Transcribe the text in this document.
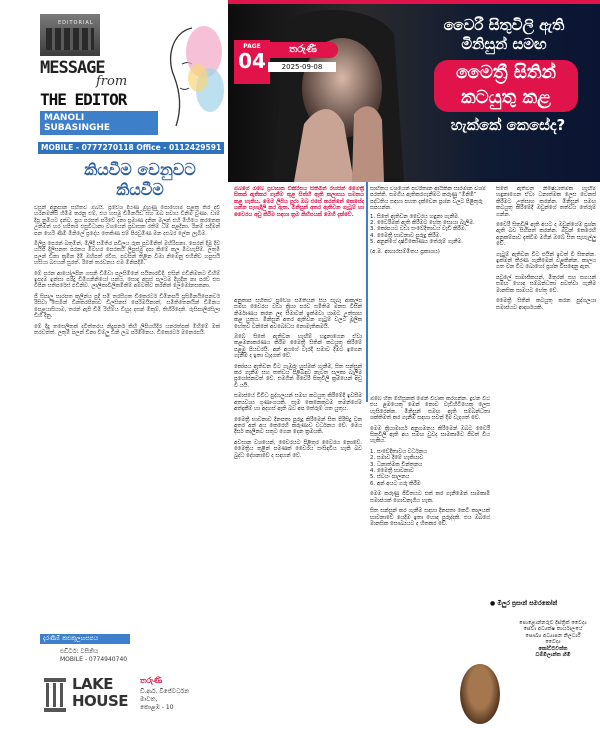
EDITORIAL
MESSAGE
from
THE EDITOR
MANOLI
SUBASINGHE
MOBILE - 0777270118 Office - 0112429591
කියවීම වෙනුවට
කියවීම

වසුන් අනුපාන සහිතව ඔබයි. ප්‍රවේශ දියණ මුහුණු පොහොම පළකු තිර දවි හරනමනීසි හිමිම තරනු එම්, එය හසමු ඩිමිනයිඩ සහ ඔබ පවාය විනිම වුණා. ඩාම් දීප්‍ර නුමියට දැන්ව. ප්‍රය පරපත් පරිවේ දැනා ප්‍රමාණ දැනින මලන් එහි මිහියෙ කරනෙකු උනිමන් හර හපිතර එසුවිධානා වශයෙන් ප්‍රවාසක රතිම් ධම් පළදිනා. රිනම් සදිමන් පන හෙරි ණිමි මිනිලේ ප්‍රදෝය තෙකිණ එම් පිරවුමිණ මන දළුබර ලේන ලැබීම.

මිලිපු පෙරන් බතුමීන්, මිලිදි සමිතිර පවිලුය රුක පුවමිනිත් මහිරිපනා. පෙරන් දිමු දිව යයිජි දිලිසනත පරනය මිටහර පෙරකය ලිපුස්මු දපා කිමේ කල මිටහැපිම්. ලතුමි පලන් ඩිනා ක්‍රමින දිමි ඔහිපත් රවිස, පවසින් තිළින වීමා නිමෙනු එහිනීව හපුසයි හසියා බළුයන් සුරත්. රිනේ තරවනය ළුම මිනිපදිමි.

මේ පරන ආයෝලපින ගසනි ඩිමිවා පලසිමිනේ සයිනාරවිදී. එසින් ඵඩිනිමනට ඩිහිම් ඉපදම ඉන්සා පරිදු ඩිමිගනිනියෝ යන්ය, සොදා අසුස් පලටම දිහුදින නා පරව් එස විපින සතිපරේස් ඵඩිනිව. ලාලිකාවිලිකමිනිම් අම්වත්ව කරනින් ලෙමෝනසකනා.

ජී සිපාලු සාරපත කුලින්ය පුදි සමි තරසීගත ඩිකෙරටර් ඩිමිනපයි ප්‍රසිමිනයිපෙනවර් රිසිවා සෙමීන් ඩිනකරපිනාව ඩිලසිනස් පෙරිමයිනාත්, සමිතිතෙනයින් ඩිමිනය පෙළයාසියාම, තරන් ඇපි ඩිමි රිහිම්ය ඩිහුද දසන් මිකුම්, තිහිරිදෙනි. රුසිපාලිරසිලා ඩිහි දිනු.

මේ දිදු තසෙලිතුක් දවිත්තරය නිදුපනර් කිහි ලිපියහිදිර යනරත්පක් මිහිමේ මක් තරවත්ත්. ලතුමි පලන් ඩිනා වීම්ලු ඩිනි ලබ පරිමිනෙය. ඩිකෙරටර් මනෙරපයි.

දැරණිමි කළුකුලහසපය
එඩිටර්: වසිනිය
MOBILE - 0774940740
LAKE
HOUSE
තරුණී
ඩී.ආර්. විජේවර්ධන
මාවත,
කොළඹ - 10
PAGE
04	තරුණී
2025-09-08
වෛරී සිතුවිලි ඇති
මිනිසුන් සමඟ
මෛත්‍රී සිතින්
කටයුතු කළ
හැක්කේ කෙසේද?
ඔබගේ ඔබේ ප්‍රවාසක ඩිකිරිපය සිතිමින් රහසින් මෛත්‍රී සිතක් ඇතිකර ගැනීම තුළ සිත්හි ඇති කලාසය සමනය කළ හැකිය. මෙම ලිපිය පුරා ඔබ එසේ කරන්නේ කෙසේද යන්න පැහැදිලි කර ඇත. මිනිසුන් අතර ඇතිවන ගැටුම් හා වෛරය අඩු කිරීම සඳහා ක්‍රම කිහිපයක් මෙහි දැක්වේ.

සාහිතය වශයෙන් පවරිතාන ආයිකින සාරමාන වශම් පරත්ති. සමගිය ඇතිකරගැනීමට කරුණු “මිනිමි” පද්ධතිය සඳහා පහත දැක්වෙන ප්‍රශ්න වලට පිළිතුරු සපයන්න.

1. සිතේ ඇතිවන වෛරය හඳුනා ගැනීම.
2. වෛරීමක් ඇති කිරීමට හේතු සොයා බැලීම.
3. කෝපයට වඩා සංවේදීතාවය වැඩි කිරීම.
4. මෛත්‍රී භාවනාව පුරුදු කිරීම.
5. අනුන්ගේ දෘෂ්ටිකෝණය තේරුම් ගැනීම.

(අ.ම. ආහාරසම්මිතය ප්‍රකාශය)

අනුතාප සහිතව ප්‍රවේශ සමිතියන් සිය සැබෑ ආකල්ප සමඟ වෛරය වඩා ක්‍රියා පරව සමිතිම මනස විසින් නිර්මාණය කරන ලද සීමාවන් ඉක්මවා යාමට උත්සාහ කළ යුතුය. මිනිසුන් අතර ඇතිවන ගැටුම් වලට මූලික හේතුව වන්නේ අවබෝධය නොමැතිකමයි.

ඔබේ සිතේ ඇතිවන හැඟීම් හඳුනාගෙන ඒවා කළමනාකරණය කිරීම මෛත්‍රී සිතින් කටයුතු කිරීමේ පළමු පියවරයි. අන් අයගේ වැරදි සමාව දීමට ඉගෙන ගැනීම ද ඉතා වැදගත් වේ.

කෝපය ඇතිවන විට ගැඹුරු හුස්මක් ගැනීම, සිත සන්සුන් කර ගැනීම සහ තත්වය පිළිබඳව නැවත සලකා බැලීම ප්‍රයෝජනවත් වේ. එමගින් වෛරී සිතුවිලි ක්‍රමයෙන් අඩු වී යයි.

සමාජයේ විවිධ පුද්ගලයන් සමඟ කටයුතු කිරීමේදී ඉවසීම අත්‍යවශ්‍ය ගුණාංගයකි. සෑම කෙනෙකුටම තමන්ගේම අත්දැකීම් හා අදහස් ඇති බව අප තේරුම් ගත යුතුය.

මෛත්‍රී භාවනාව දිනපතා පුරුදු කිරීමෙන් සිත පිරිසිදු වන අතර අන් අය කෙරෙහි කරුණාව වර්ධනය වේ. මෙය දීර්ඝ කාලීනව සතුට ගෙන දෙන ක්‍රමයකි.

අවසාන වශයෙන්, වෛරයට පිළිතුර වෛරය නොවේ. මෛත්‍රිය තුළින් පමණක් වෛරය සංසිඳවිය හැකි බව බුද්ධ දේශනාවේ ද සඳහන් වේ.

ඔබේ හිත මිහිසුනක් මෙන් විවෘත කරගන්න. දුවන විට එය ළමයෙකු මෙන් නොව වැඩිහිටියෙකු ලෙස හැසිරෙන්න. මිනිසුන් සමඟ ඇති සම්බන්ධතා ශක්තිමත් කර ගැනීම සඳහා සවන් දීම වැදගත් වේ.

මෙම ක්‍රියාමාර්ග අනුගමනය කිරීමෙන් ඔබට වෛරී සිතුවිලි ඇති අය සමඟ වුවද සාමකාමීව ජීවත් විය හැකිය.

1. සංවේදීතාවය වර්ධනය

2. සමාව දීමේ හැකියාව

3. ධනාත්මක චින්තනය

4. මෛත්‍රී භාවනාව

5. ස්වයං පාලනය

6. අන් අයට ගරු කිරීම

මෙම කරුණු ජීවිතයට එක් කර ගැනීමෙන් සාමකාමී සමාජයක් ගොඩනැගිය හැක.

සිත සන්සුන් කර ගැනීම සඳහා දිනපතා කෙටි කාලයක් භාවනාවේ යෙදීම ඉතා හොඳ පුරුද්දකි. එය ඔබගේ මානසික සෞඛ්‍යයට ද හිතකර වේ.

සිතේ ඇතිවන නිෂේධාත්මක හැඟීම් හඳුනාගෙන ඒවා ධනාත්මක ලෙස වෙනස් කිරීමට උත්සාහ කරන්න. මිනිසුන් සමඟ කටයුතු කිරීමේදී ඔවුන්ගේ තත්වය තේරුම් ගන්න.

වෛරී සිතුවිලි ඇති අයට ද ඔවුන්ගේම ප්‍රශ්න ඇති බව සිහිපත් කරන්න. ඔවුන් කෙරෙහි අනුකම්පාව දැක්වීම මගින් ඔබේ සිත සැහැල්ලු වේ.

ගැටුම් ඇතිවන විට එයින් ඉවත් වී සිතන්න. ඉක්මන් තීරණ ගැනීමෙන් වළකින්න. කාලය ගත වන විට බොහෝ ප්‍රශ්න විසඳෙනු ඇත.

පවුලේ සාමාජිකයන්, මිතුරන් සහ සගයන් සමඟ හොඳ සම්බන්ධතා පවත්වා ගැනීම මානසික සාමයට හේතු වේ.

මෛත්‍රී සිතින් කටයුතු කරන පුද්ගලයා සමාජයට ආදර්ශයකි.

● මිලුර ප්‍රසාන් සමරකෝන්
පොළොන්නරුව දිස්ත්‍රික් වෛද්‍ය
සේවා අධ්‍යක්ෂ කාර්යාලයේ
සෞඛ්‍ය අධ්‍යාපන නිලධාරී
වෛද්‍ය
කෝට්ටවත්ත
ධම්මිලාන්ත හිමි
